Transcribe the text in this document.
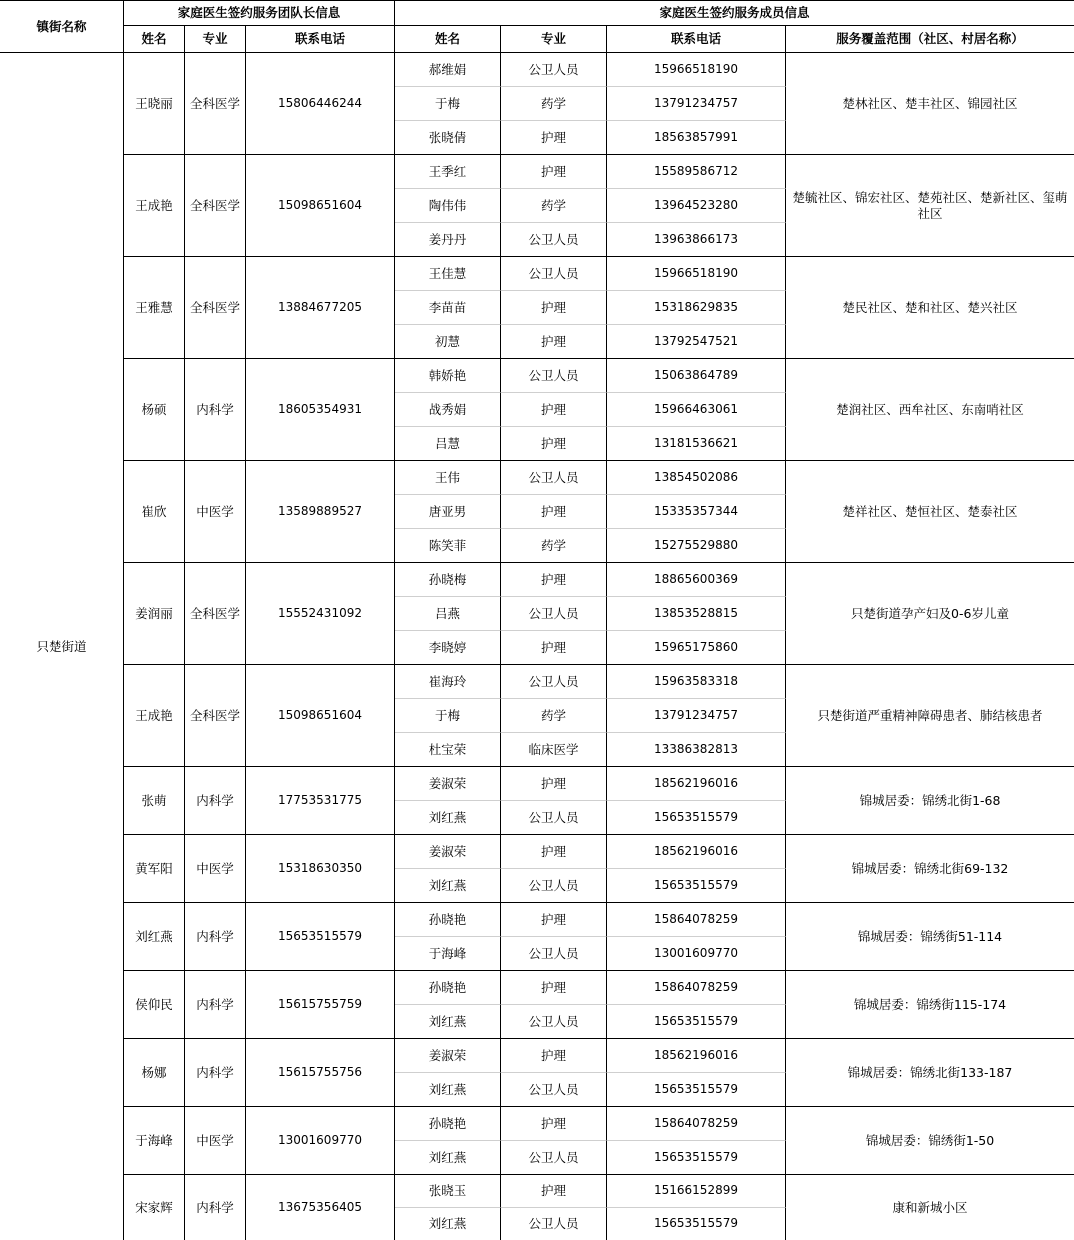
镇街名称
家庭医生签约服务团队长信息	家庭医生签约服务成员信息
姓名	专业	联系电话	姓名	专业	联系电话	服务覆盖范围（社区、村居名称）
只楚街道
王晓丽	全科医学	15806446244
郝维娟	公卫人员	15966518190
于梅	药学	13791234757
张晓倩	护理	18563857991
楚林社区、楚丰社区、锦园社区
王成艳	全科医学	15098651604
王季红	护理	15589586712
陶伟伟	药学	13964523280
姜丹丹	公卫人员	13963866173
楚毓社区、锦宏社区、楚苑社区、楚新社区、玺萌社区
王雅慧	全科医学	13884677205
王佳慧	公卫人员	15966518190
李苗苗	护理	15318629835
初慧	护理	13792547521
楚民社区、楚和社区、楚兴社区
杨硕	内科学	18605354931
韩娇艳	公卫人员	15063864789
战秀娟	护理	15966463061
吕慧	护理	13181536621
楚润社区、西牟社区、东南哨社区
崔欣	中医学	13589889527
王伟	公卫人员	13854502086
唐亚男	护理	15335357344
陈笑菲	药学	15275529880
楚祥社区、楚恒社区、楚泰社区
姜润丽	全科医学	15552431092
孙晓梅	护理	18865600369
吕燕	公卫人员	13853528815
李晓婷	护理	15965175860
只楚街道孕产妇及0-6岁儿童
王成艳	全科医学	15098651604
崔海玲	公卫人员	15963583318
于梅	药学	13791234757
杜宝荣	临床医学	13386382813
只楚街道严重精神障碍患者、肺结核患者
张萌	内科学	17753531775
姜淑荣	护理	18562196016
刘红燕	公卫人员	15653515579
锦城居委：锦绣北街1-68
黄军阳	中医学	15318630350
姜淑荣	护理	18562196016
刘红燕	公卫人员	15653515579
锦城居委：锦绣北街69-132
刘红燕	内科学	15653515579
孙晓艳	护理	15864078259
于海峰	公卫人员	13001609770
锦城居委：锦绣街51-114
侯仰民	内科学	15615755759
孙晓艳	护理	15864078259
刘红燕	公卫人员	15653515579
锦城居委：锦绣街115-174
杨娜	内科学	15615755756
姜淑荣	护理	18562196016
刘红燕	公卫人员	15653515579
锦城居委：锦绣北街133-187
于海峰	中医学	13001609770
孙晓艳	护理	15864078259
刘红燕	公卫人员	15653515579
锦城居委：锦绣街1-50
宋家辉	内科学	13675356405
张晓玉	护理	15166152899
刘红燕	公卫人员	15653515579
康和新城小区
